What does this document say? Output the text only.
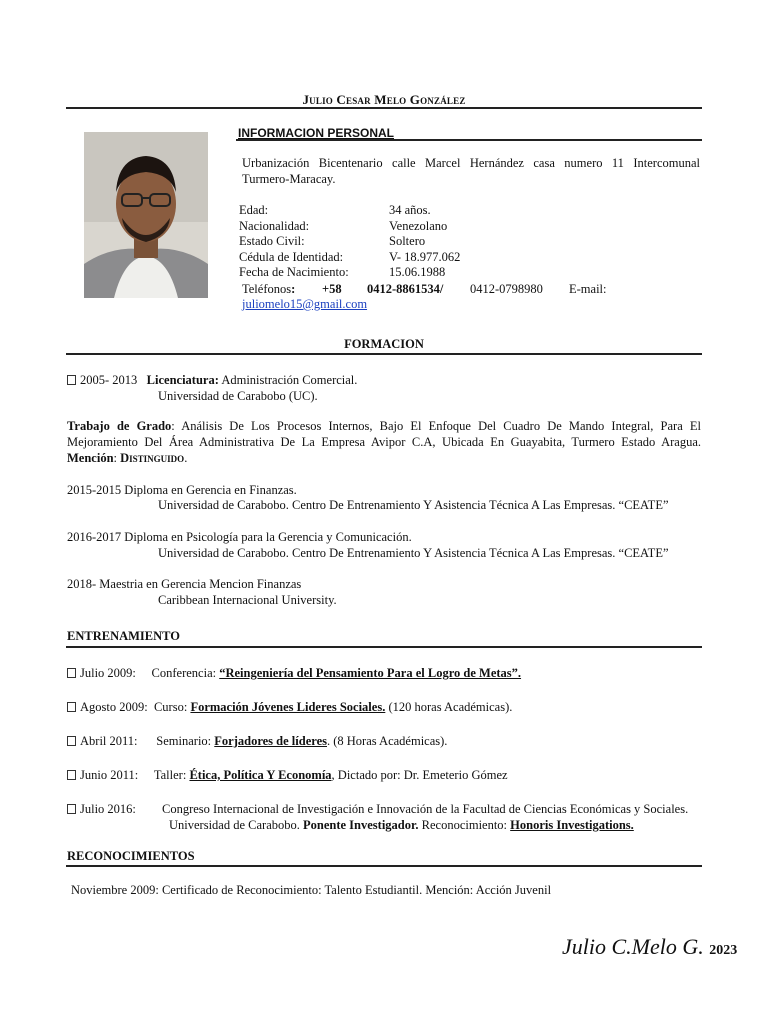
Julio Cesar Melo González
INFORMACION PERSONAL
Urbanización Bicentenario calle Marcel Hernández casa numero 11 Intercomunal Turmero-Maracay.
Edad:	34 años.
Nacionalidad:	Venezolano
Estado Civil:	Soltero
Cédula de Identidad:	V- 18.977.062
Fecha de Nacimiento:	15.06.1988
Teléfonos: +58 0412-8861534/ 0412-0798980 E-mail:
juliomelo15@gmail.com
FORMACION
2005- 2013 Licenciatura: Administración Comercial.
Universidad de Carabobo (UC).
Trabajo de Grado: Análisis De Los Procesos Internos, Bajo El Enfoque Del Cuadro De Mando Integral, Para El Mejoramiento Del Área Administrativa De La Empresa Avipor C.A, Ubicada En Guayabita, Turmero Estado Aragua. Mención: Distinguido.
2015-2015 Diploma en Gerencia en Finanzas.
Universidad de Carabobo. Centro De Entrenamiento Y Asistencia Técnica A Las Empresas. “CEATE”
2016-2017 Diploma en Psicología para la Gerencia y Comunicación.
Universidad de Carabobo. Centro De Entrenamiento Y Asistencia Técnica A Las Empresas. “CEATE”
2018- Maestria en Gerencia Mencion Finanzas
Caribbean Internacional University.
ENTRENAMIENTO
Julio 2009: Conferencia: “Reingeniería del Pensamiento Para el Logro de Metas”.
Agosto 2009: Curso: Formación Jóvenes Lideres Sociales. (120 horas Académicas).
Abril 2011: Seminario: Forjadores de líderes. (8 Horas Académicas).
Junio 2011: Taller: Ética, Política Y Economía, Dictado por: Dr. Emeterio Gómez
Julio 2016: Congreso Internacional de Investigación e Innovación de la Facultad de Ciencias Económicas y Sociales.
Universidad de Carabobo. Ponente Investigador. Reconocimiento: Honoris Investigations.
RECONOCIMIENTOS
Noviembre 2009: Certificado de Reconocimiento: Talento Estudiantil. Mención: Acción Juvenil
Julio C.Melo G. 2023
